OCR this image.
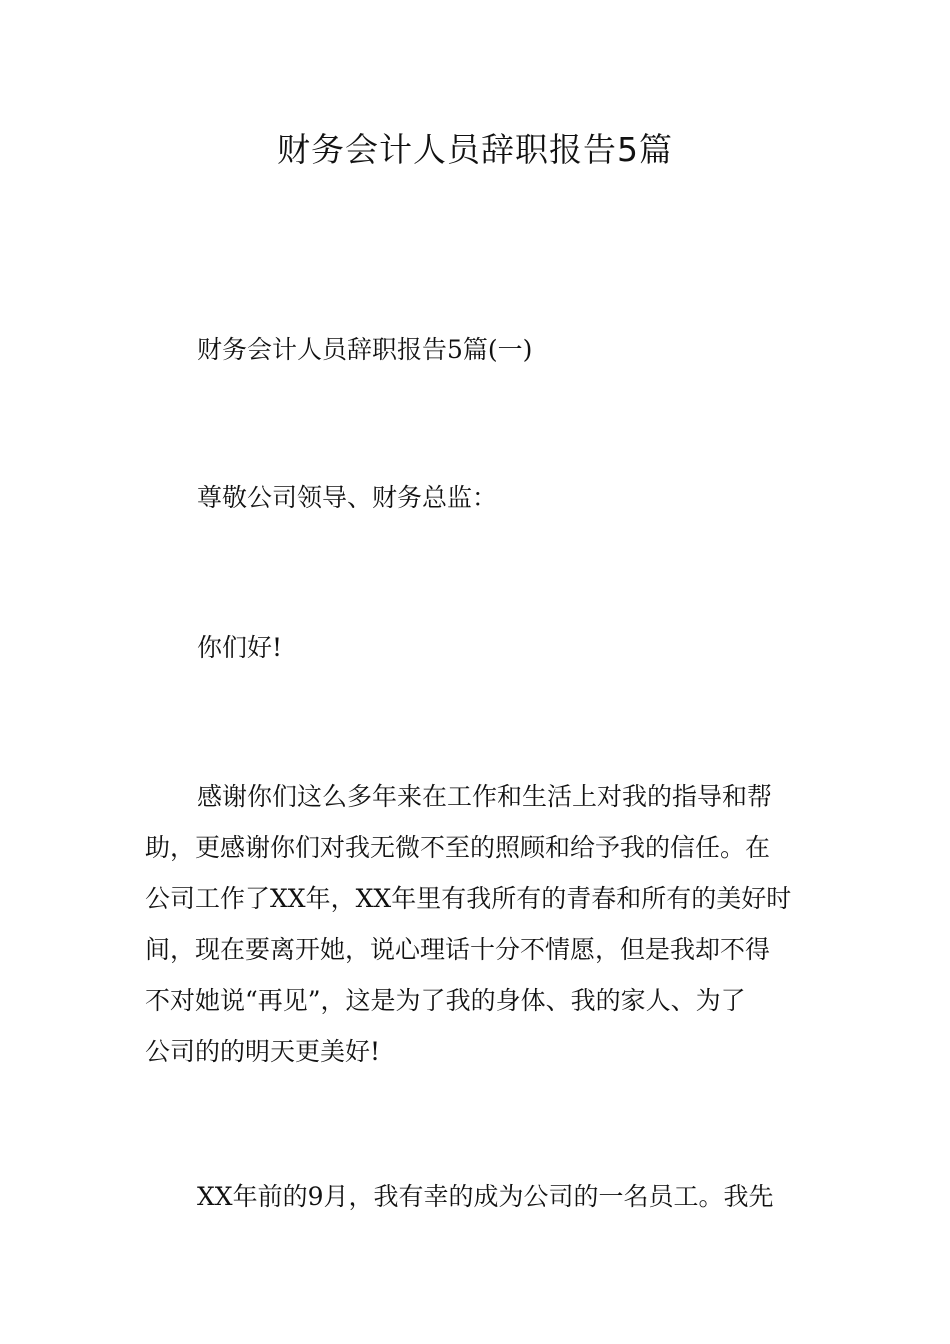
财务会计人员辞职报告5篇
财务会计人员辞职报告5篇(一)
尊敬公司领导、财务总监：
你们好!
感谢你们这么多年来在工作和生活上对我的指导和帮
助，更感谢你们对我无微不至的照顾和给予我的信任。在
公司工作了XX年，XX年里有我所有的青春和所有的美好时
间，现在要离开她，说心理话十分不情愿，但是我却不得
不对她说“再见”，这是为了我的身体、我的家人、为了
公司的的明天更美好!
XX年前的9月，我有幸的成为公司的一名员工。我先
